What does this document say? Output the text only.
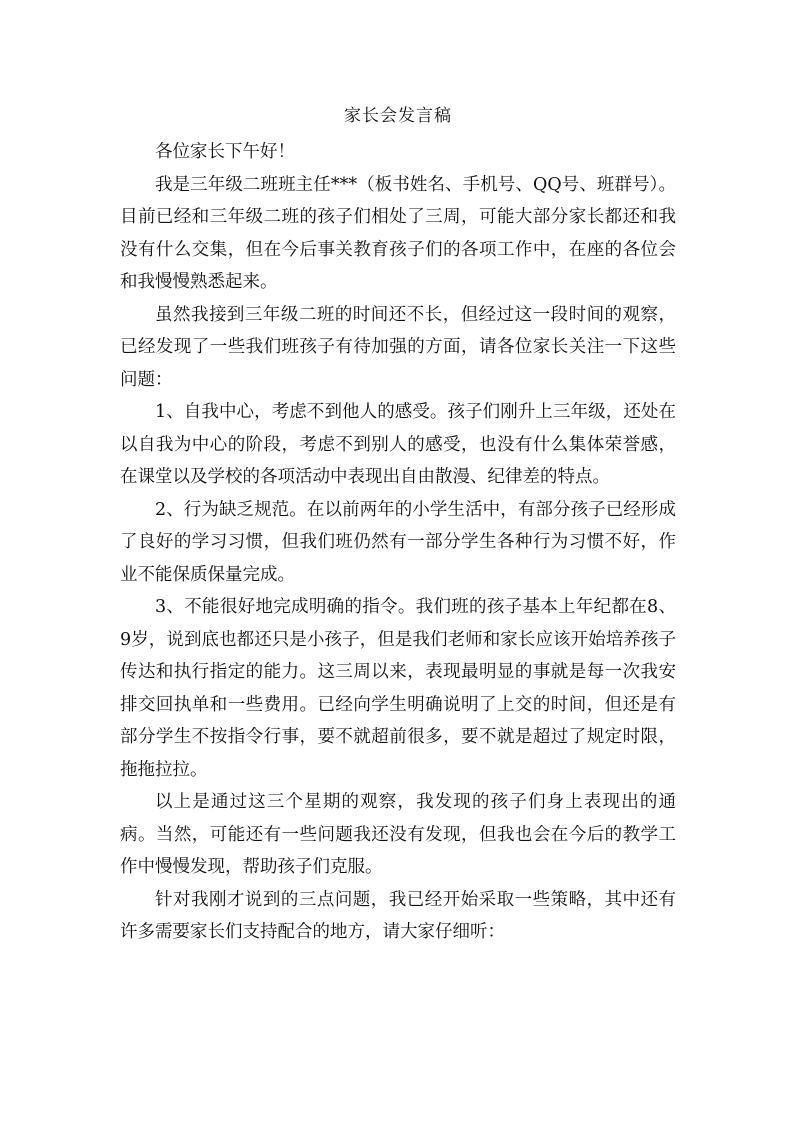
家长会发言稿

各位家长下午好！

我是三年级二班班主任***（板书姓名、手机号、QQ号、班群号）。目前已经和三年级二班的孩子们相处了三周，可能大部分家长都还和我没有什么交集，但在今后事关教育孩子们的各项工作中，在座的各位会和我慢慢熟悉起来。

虽然我接到三年级二班的时间还不长，但经过这一段时间的观察，已经发现了一些我们班孩子有待加强的方面，请各位家长关注一下这些问题：

1、自我中心，考虑不到他人的感受。孩子们刚升上三年级，还处在以自我为中心的阶段，考虑不到别人的感受，也没有什么集体荣誉感，在课堂以及学校的各项活动中表现出自由散漫、纪律差的特点。

2、行为缺乏规范。在以前两年的小学生活中，有部分孩子已经形成了良好的学习习惯，但我们班仍然有一部分学生各种行为习惯不好，作业不能保质保量完成。

3、不能很好地完成明确的指令。我们班的孩子基本上年纪都在8、9岁，说到底也都还只是小孩子，但是我们老师和家长应该开始培养孩子传达和执行指定的能力。这三周以来，表现最明显的事就是每一次我安排交回执单和一些费用。已经向学生明确说明了上交的时间，但还是有部分学生不按指令行事，要不就超前很多，要不就是超过了规定时限，拖拖拉拉。

以上是通过这三个星期的观察，我发现的孩子们身上表现出的通病。当然，可能还有一些问题我还没有发现，但我也会在今后的教学工作中慢慢发现，帮助孩子们克服。

针对我刚才说到的三点问题，我已经开始采取一些策略，其中还有许多需要家长们支持配合的地方，请大家仔细听：
